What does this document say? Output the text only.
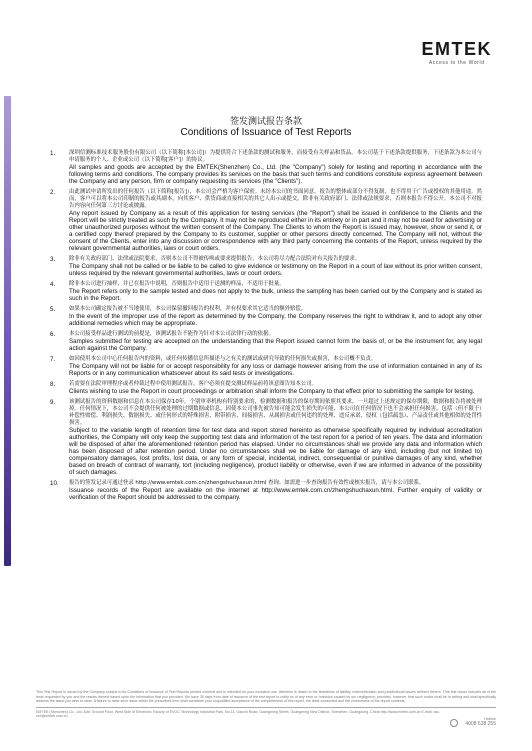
EMTEK
Access to the World
签发测试报告条款
Conditions of Issuance of Test Reports
1.	深圳信测标准技术服务股份有限公司（以下简称[本公司]）为提供符合下述条款的测试和服务，而接受有关样品和货品。本公司基于下述条款提供服务，下述条款为本公司与申请服务的个人、企业或公司（以下简称[客户]）的协议。
All samples and goods are accepted by the EMTEK(Shenzhen) Co., Ltd. (the "Company") solely for testing and reporting in accordance with the following terms and conditions. The company provides its services on the basis that such terms and conditions constitute express agreement between the Company and any person, firm or company requesting its services (the "Clients").
2.	由此测试申请所发出的任何报告（以下简称[报告]），本公司会严格为客户保密。未经本公司的书面同意，报告的整体或部分不得复制，也不得用于广告或授权的其他用途。然而，客户可以将本公司印制的报告或其副本，向其客户、供货商或直接相关的其它人出示或提交，除非有关政府部门、法律或法规要求，否则本报告不得公开。本公司不对报告内容向任何第三方讨论或披露。
Any report issued by Company as a result of this application for testing services (the "Report") shall be issued in confidence to the Clients and the Report will be strictly treated as such by the Company. It may not be reproduced either in its entirety or in part and it may not be used for advertising or other unauthorized purposes without the written consent of the Company. The Clients to whom the Report is issued may, however, show or send it, or a certified copy thereof prepared by the Company to its customer, supplier or other persons directly concerned. The Company will not, without the consent of the Clients, enter into any discussion or correspondence with any third party concerning the contents of the Report, unless required by the relevant governmental authorities, laws or court orders.
3.	除非有关政府部门、法律或法院要求，否则本公司不得被传唤或要求提供报告，本公司将尽力配合法院对有关报告的要求。
The Company shall not be called or be liable to be called to give evidence or testimony on the Report in a court of law without its prior written consent, unless required by the relevant governmental authorities, laws or court orders.
4.	除非本公司进行抽样，并已在报告中说明，否则报告中适用于送测的样品，不适用于批量。
The Report refers only to the sample tested and does not apply to the bulk, unless the sampling has been carried out by the Company and is stated as such in the Report.
5.	如果本公司确定报告被不当地使用，本公司保留撤回报告的权利，并有权要求其它适当的额外赔偿。
In the event of the improper use of the report as determined by the Company, the Company reserves the right to withdraw it, and to adopt any other additional remedies which may be appropriate.
6.	本公司接受样品进行测试的前提是，该测试报告不能作为针对本公司法律行动的依据。
Samples submitted for testing are accepted on the understanding that the Report issued cannot form the basis of, or be the instrument for, any legal action against the Company.
7.	如因使用本公司中心任何报告内的资料，或任何传播信息所描述与之有关的测试或研究导致的任何损失或损害，本公司概不负责。
The Company will not be liable for or accept responsibility for any loss or damage however arising from the use of information contained in any of its Reports or in any communication whatsoever about its said tests or investigations.
8.	若需要在法院审理程序或者仲裁过程中使用测试报告，客户必须在提交测试样品前将该意图告知本公司。
Clients wishing to use the Report in court proceedings or arbitration shall inform the Company to that effect prior to submitting the sample for testing.
9.	该测试报告的资料数据和信息在本公司保存10年。个别审率机构有特别要求的，检测数据和报告的保存期间依照其要求，一旦超过上述规定的保存期限，数据和报告将被处理掉。任何情况下，本公司不会提供任何被处理的过期数据或信息，因使本公司事先被告知可能会发生损失的可能，本公司在任何情况下也不会承担任何损害，包括（但不限于）补偿性赔偿、利润损失、数据损失、或任何形式的特殊损害、附带损害、间接损害、从属损害或任何违约的处理、违反承诺、侵权（包括疏忽）、产品责任或其他相似的处罚性损害。
Subject to the variable length of retention time for test data and report stored hereinto as otherwise specifically required by individual accreditation authorities, the Company will only keep the supporting test data and information of the test report for a period of ten years. The data and information will be disposed of after the aforementioned retention period has elapsed. Under no circumstances shall we provide any data and information which has been disposed of after retention period. Under no circumstances shall we be liable for damage of any kind, including (but not limited to) compensatory damages, lost profits, lost data, or any form of special, incidental, indirect, consequential or punitive damages of any kind, whether based on breach of contract of warranty, tort (including negligence), product liability or otherwise, even if we are informed in advance of the possibility of such damages.
10. 报告的签发记录可通过登录 http://www.emtek.com.cn/zhengshuchaxun.html 查询。如需进一步查询报告有效性或核实报告，请与本公司联系。
Issuance records of the Report are available on the internet at http://www.emtek.com.cn/zhengshuchaxun.html. Further enquiry of validity or verification of the Report should be addressed to the company.
This Test Report is issued by the Company subject to its Conditions of Issuance of Test Reports printed overleaf and is intended for your exclusive use. Attention is drawn to the limitations of liability, indemnification and jurisdictional issues defined therein. This test report includes all of the tests requested by you and the results thereof based upon the information that you provided. We have 30 days from date of issuance of the test report to notify us of any error or omission caused by our negligence; provided, however, that such notice shall be in writing and shall specifically address the issue you wish to raise. A failure to raise such issue within the prescribed time shall constitute your unqualified acceptance of the completeness of this report, the tests conducted and the correctness of the report contents.
EMTEK (Shenzhen) Co., Ltd. Add: Ground Floor, West Side of Electronic Factory of EVOC Technology Industrial Park, No.11, Gaoxin Road, Guangming Street, Guangming New District, Shenzhen, Guangdong, China http://www.emtek.com.cn E-mail: csc-cs4@emtek.com.cn
Hotline
4008 638 255
